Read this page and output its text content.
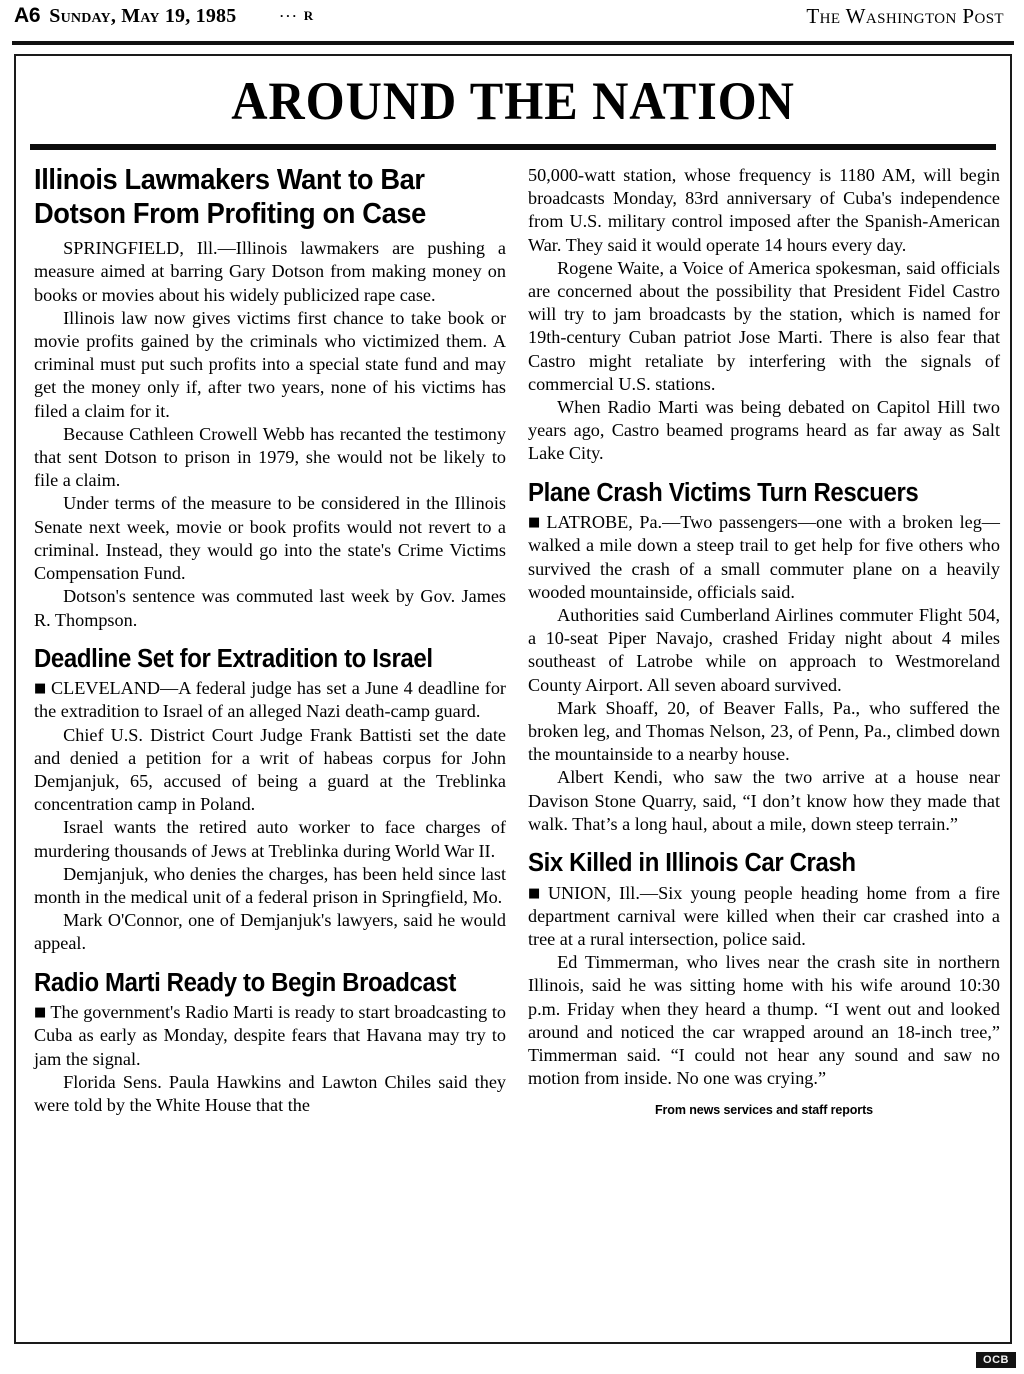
A6 Sunday, May 19, 1985	··· R	The Washington Post
AROUND THE NATION
Illinois Lawmakers Want to Bar Dotson From Profiting on Case

SPRINGFIELD, Ill.—Illinois lawmakers are pushing a measure aimed at barring Gary Dotson from making money on books or movies about his widely publicized rape case.

Illinois law now gives victims first chance to take book or movie profits gained by the criminals who victimized them. A criminal must put such profits into a special state fund and may get the money only if, after two years, none of his victims has filed a claim for it.

Because Cathleen Crowell Webb has recanted the testimony that sent Dotson to prison in 1979, she would not be likely to file a claim.

Under terms of the measure to be considered in the Illinois Senate next week, movie or book profits would not revert to a criminal. Instead, they would go into the state's Crime Victims Compensation Fund.

Dotson's sentence was commuted last week by Gov. James R. Thompson.

Deadline Set for Extradition to Israel

■ CLEVELAND—A federal judge has set a June 4 deadline for the extradition to Israel of an alleged Nazi death-camp guard.

Chief U.S. District Court Judge Frank Battisti set the date and denied a petition for a writ of habeas corpus for John Demjanjuk, 65, accused of being a guard at the Treblinka concentration camp in Poland.

Israel wants the retired auto worker to face charges of murdering thousands of Jews at Treblinka during World War II.

Demjanjuk, who denies the charges, has been held since last month in the medical unit of a federal prison in Springfield, Mo.

Mark O'Connor, one of Demjanjuk's lawyers, said he would appeal.

Radio Marti Ready to Begin Broadcast

■ The government's Radio Marti is ready to start broadcasting to Cuba as early as Monday, despite fears that Havana may try to jam the signal.

Florida Sens. Paula Hawkins and Lawton Chiles said they were told by the White House that the

50,000-watt station, whose frequency is 1180 AM, will begin broadcasts Monday, 83rd anniversary of Cuba's independence from U.S. military control imposed after the Spanish-American War. They said it would operate 14 hours every day.

Rogene Waite, a Voice of America spokesman, said officials are concerned about the possibility that President Fidel Castro will try to jam broadcasts by the station, which is named for 19th-century Cuban patriot Jose Marti. There is also fear that Castro might retaliate by interfering with the signals of commercial U.S. stations.

When Radio Marti was being debated on Capitol Hill two years ago, Castro beamed programs heard as far away as Salt Lake City.

Plane Crash Victims Turn Rescuers

■ LATROBE, Pa.—Two passengers—one with a broken leg—walked a mile down a steep trail to get help for five others who survived the crash of a small commuter plane on a heavily wooded mountainside, officials said.

Authorities said Cumberland Airlines commuter Flight 504, a 10-seat Piper Navajo, crashed Friday night about 4 miles southeast of Latrobe while on approach to Westmoreland County Airport. All seven aboard survived.

Mark Shoaff, 20, of Beaver Falls, Pa., who suffered the broken leg, and Thomas Nelson, 23, of Penn, Pa., climbed down the mountainside to a nearby house.

Albert Kendi, who saw the two arrive at a house near Davison Stone Quarry, said, “I don’t know how they made that walk. That’s a long haul, about a mile, down steep terrain.”

Six Killed in Illinois Car Crash

■ UNION, Ill.—Six young people heading home from a fire department carnival were killed when their car crashed into a tree at a rural intersection, police said.

Ed Timmerman, who lives near the crash site in northern Illinois, said he was sitting home with his wife around 10:30 p.m. Friday when they heard a thump. “I went out and looked around and noticed the car wrapped around an 18-inch tree,” Timmerman said. “I could not hear any sound and saw no motion from inside. No one was crying.”

From news services and staff reports

OCB
